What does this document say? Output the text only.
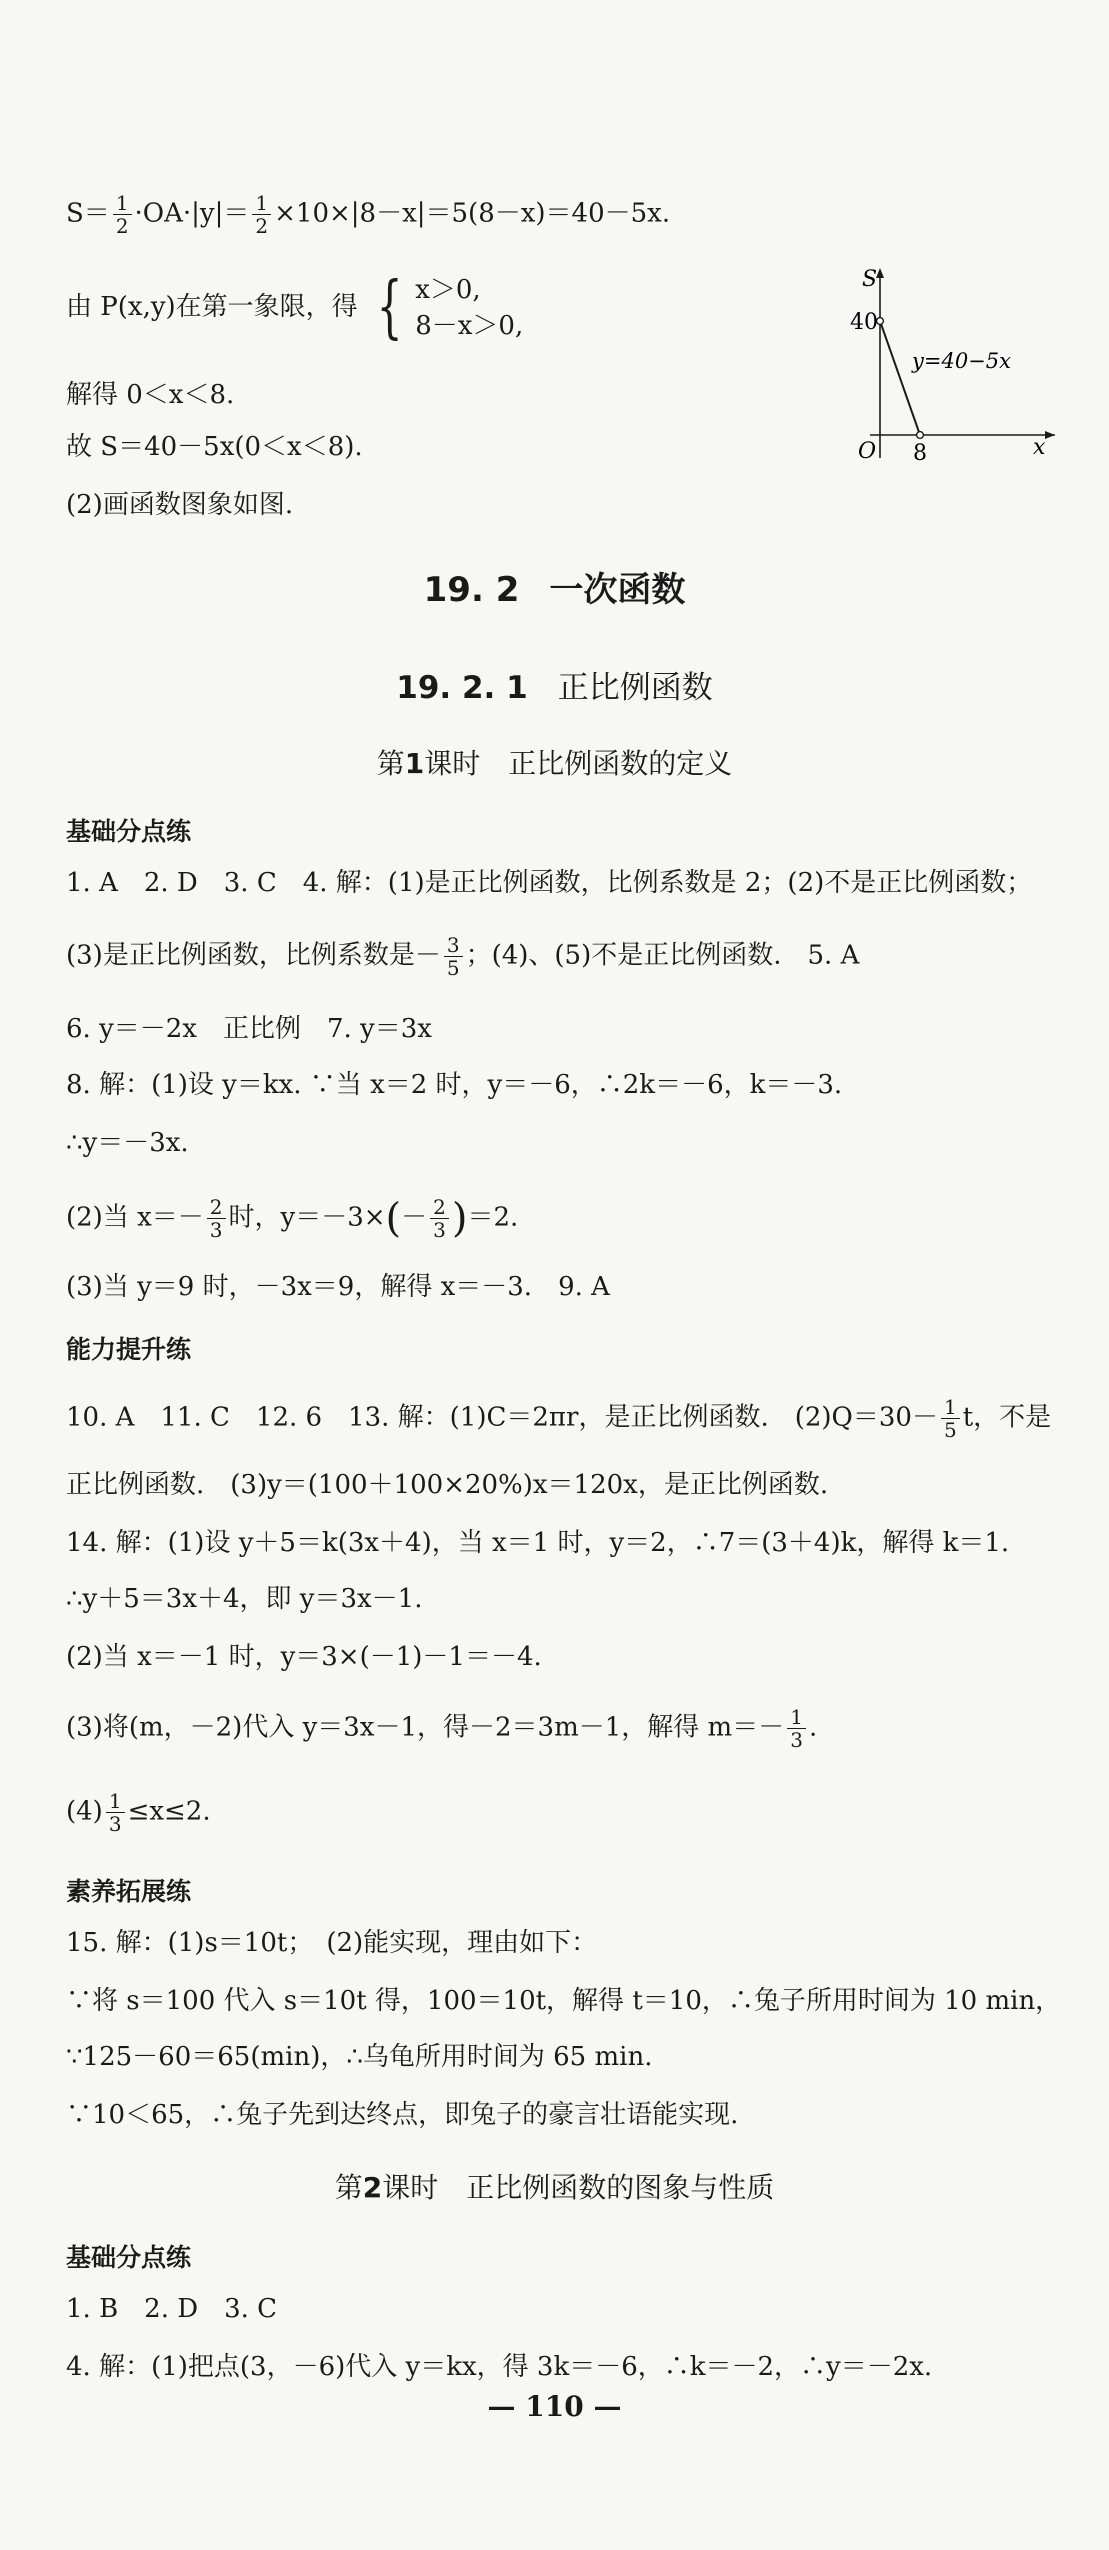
$S= \frac{1}{2} \cdot OA\cdot|y|= \frac{1}{2} \times 10\times|8-x|=5(8-x)=40-5x$.
由 P(x,y)在第一象限，得 { x＞0,
8－x＞0,
解得 0＜x＜8.
故 S＝40－5x(0＜x＜8).
(2)画函数图象如图.
S
40
y=40−5x
O 8	x
19. 2 一次函数
19. 2. 1 正比例函数
第1课时　正比例函数的定义
基础分点练
1. A　2. D　3. C　4. 解：(1)是正比例函数，比例系数是 2；(2)不是正比例函数；
(3)是正比例函数，比例系数是－ $\frac{3}{5}$ ；(4)、(5)不是正比例函数.　5. A
6. y＝－2x　正比例　7. y＝3x
8. 解：(1)设 y＝kx. ∵当 x＝2 时，y＝－6，∴2k＝－6，k＝－3.
∴y＝－3x.
(2)当 $x=- \frac{2}{3}$ 时，$y=-3\times(- \frac{2}{3} )=2$.
(3)当 y＝9 时，－3x＝9，解得 x＝－3.　9. A
能力提升练
10. A　11. C　12. 6　13. 解：(1)C＝2πr，是正比例函数.　$(2)Q=30- \frac{1}{5}$ t，不是
正比例函数.　(3)y＝(100＋100×20%)x＝120x，是正比例函数.
14. 解：(1)设 y＋5＝k(3x＋4)，当 x＝1 时，y＝2，∴7＝(3＋4)k，解得 k＝1.
∴y＋5＝3x＋4，即 y＝3x－1.
(2)当 x＝－1 时，y＝3×(－1)－1＝－4.
(3)将(m，－2)代入 y＝3x－1，得－2＝3m－1，解得 $m=- \frac{1}{3}$ .
$(4) \frac{1}{3} \le x\le 2$.
素养拓展练
15. 解：(1)s＝10t；　(2)能实现，理由如下：
∵将 s＝100 代入 s＝10t 得，100＝10t，解得 t＝10，∴兔子所用时间为 10 min，
∵125－60＝65(min)，∴乌龟所用时间为 65 min.
∵10＜65，∴兔子先到达终点，即兔子的豪言壮语能实现.
第2课时　正比例函数的图象与性质
基础分点练
1. B　2. D　3. C
4. 解：(1)把点(3，－6)代入 y＝kx，得 3k＝－6，∴k＝－2，∴y＝－2x.
— 110 —
